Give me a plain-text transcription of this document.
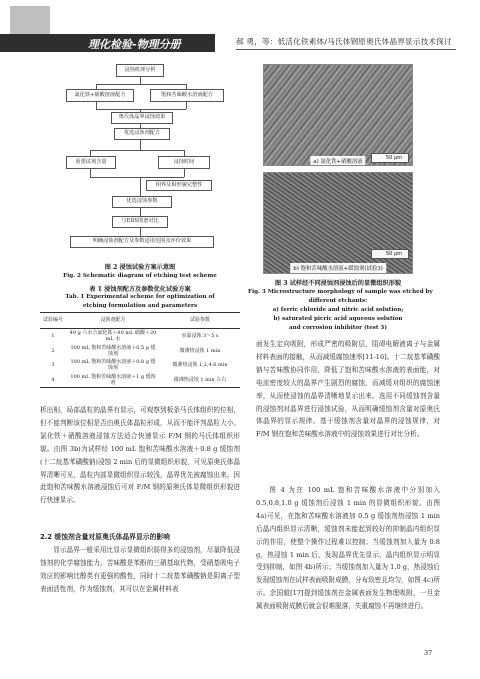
理化检验-物理分册	郝 勇，等：低活化铁素体/马氏体钢原奥氏体晶界显示技术探讨
浸蚀机理分析
氯化铁+硝酸溶液配方	饱和苦味酸水溶液配方
奥氏体晶界浸蚀效果
优选浸蚀剂配方
重要试剂含量	浸蚀时间
相界及相形貌完整性
优选浸蚀参数
与EDS图谱对比
明确浸蚀剂配方及参数适用范围及评价效果
图 2 浸蚀试验方案示意图
Fig. 2 Schematic diagram of etching test scheme
表 1 浸蚀剂配方及参数优化试验方案
Tab. 1 Experimental scheme for optimization of
etching formulation and parameters
试验编号	浸蚀剂配方	试验参数
1	40 g 六水合氯化铁＋80 mL 硝酸＋20 mL 水	室温浸蚀 3～5 s
2	100 mL 饱和苦味酸水溶液＋0.5 g 缓蚀剂	微沸热浸蚀 1 min
3	100 mL 饱和苦味酸水溶液＋0.8 g 缓蚀剂	微沸热浸蚀 1,2,4,6 min
4	100 mL 饱和苦味酸水溶液＋1 g 缓蚀剂	微沸热浸蚀 1 min 左右

析出相，局部晶粒的晶界有显示，可观察到板条马氏体组织的位相，但不能判断该位相是否由奥氏体晶粒形成，从而不能评判晶粒大小。氯化铁＋硝酸溶液浸蚀方法适合快速显示 F/M 钢的马氏体组织形貌。由图 3b)为试样经 100 mL 饱和苦味酸水溶液＋0.8 g 缓蚀剂(十二烷基苯磺酸钠)浸蚀 2 min 后的显微组织形貌，可见原奥氏体晶界清晰可见，晶粒内部显微组织显示较浅，晶界优先被腐蚀出来。因此饱和苦味酸水溶液浸蚀后可对 F/M 钢的原奥氏体显微组织形貌进行快速显示。

2.2 缓蚀剂含量对原奥氏体晶界显示的影响

显示晶界一般采用比显示显微组织弱得多的浸蚀剂，尽量降低浸蚀剂的化学腐蚀能力。苦味酸是苯酚的三硝基取代物，受硝基吸电子效应的影响比醇类有更强的酸性，同时十二烷基苯磺酸钠是阴离子型表面活性剂，作为缓蚀剂，其可以在金属材料表

50 μm
a) 氯化铁+硝酸溶液
50 μm
b) 饱和苦味酸水溶液+缓蚀剂(试验3)
图 3 试样经不同浸蚀剂浸蚀后的显微组织形貌
Fig. 3 Microstructure morphology of sample was etched by
different etchants:
a) ferric chloride and nitric acid solution;
b) saturated picric acid aqueous solution
and corrosion inhibitor (test 3)

面发生定向吸附，形成严密的吸附层，阻碍电解液离子与金属材料表面的接触，从而减缓腐蚀速率[11-16]。十二烷基苯磺酸钠与苦味酸协同作用，降低了饱和苦味酸水溶液的表面能，对电流密度较大的晶界产生剧烈的腐蚀，而减缓对组织的腐蚀速率，从而使浸蚀的晶界清晰地显示出来。选用不同缓蚀剂含量的浸蚀剂对晶界进行浸蚀试验，从而明确缓蚀剂含量对原奥氏体晶界的显示规律。基于缓蚀剂含量对晶界的浸蚀规律，对 F/M 钢在饱和苦味酸水溶液中的浸蚀效果进行对比分析。

图 4 为在 100 mL 饱和苦味酸水溶液中分别加入 0.5,0.8,1.0 g 缓蚀剂后浸蚀 1 min 的显微组织形貌。由图 4a)可见，在饱和苦味酸水溶液加 0.5 g 缓蚀剂热浸蚀 1 min 后晶内组织显示清晰，缓蚀剂未能起到较好的抑制晶内组织显示的作用，使整个操作过程难以控制；当缓蚀剂加入量为 0.8 g，热浸蚀 1 min 后，发现晶界优先显示，晶内组织显示明显受到抑制，如图 4b)所示；当缓蚀剂加入量为 1.0 g，热浸蚀后发现缓蚀剂在试样表面吸附成膜，分布致密且均匀，如图 4c)所示。余国毅[17]提到缓蚀剂在金属表面发生物理吸附，一旦金属表面吸附成膜后就会很难脱落，失重腐蚀不再继续进行。

37
